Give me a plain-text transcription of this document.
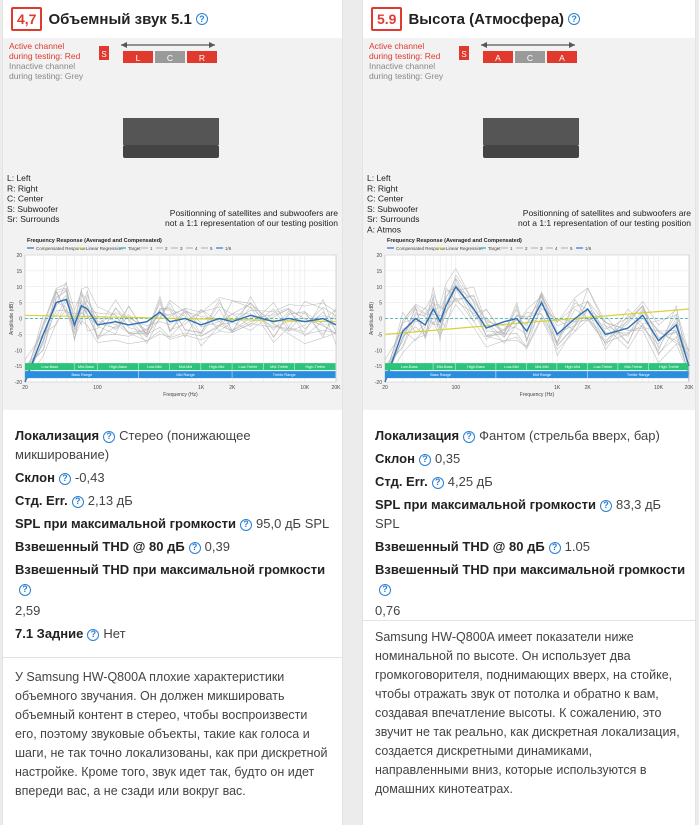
4,7 Объемный звук 5.1 ?
Active channel
during testing: Red
Innactive channel
during testing: Grey
S	L	C	R
L: Left
R: Right
C: Center
S: Subwoofer
Sr: Surrounds
Positionning of satellites and subwoofers are
not a 1:1 representation of our testing position
Frequency Response (Averaged and Compensated)
Compensated Response Linear Regression Target 1	2	3	4	5	1/6
20
15
10
5
0
-5
-10
-15
-20
20	100	1K	2K	10K	20K
Frequency (Hz)
Amplitude (dB)
Low-Bass	Mid-Bass	High-Bass	Low-Mid	Mid-Mid	High-Mid	Low-Treble	Mid-Treble	High-Treble
Bass Range	Mid Range	Treble Range
Локализация ? Стерео (понижающее микширование)
Склон ? -0,43
Стд. Err. ? 2,13 дБ
SPL при максимальной громкости ? 95,0 дБ SPL
Взвешенный THD @ 80 дБ ? 0,39
Взвешенный THD при максимальной громкости?
2,59
7.1 Задние ? Нет
У Samsung HW-Q800A плохие характеристики объемного звучания. Он должен микшировать объемный контент в стерео, чтобы воспроизвести его, поэтому звуковые объекты, такие как голоса и шаги, не так точно локализованы, как при дискретной настройке. Кроме того, звук идет так, будто он идет впереди вас, а не сзади или вокруг вас.
5.9 Высота (Атмосфера) ?
Active channel
during testing: Red
Innactive channel
during testing: Grey
S	A	C	A
L: Left
R: Right
C: Center
S: Subwoofer
Sr: Surrounds
A: Atmos
Positionning of satellites and subwoofers are
not a 1:1 representation of our testing position
Frequency Response (Averaged and Compensated)
Compensated Response Linear Regression Target 1	2	3	4	5	1/6
20
15
10
5
0
-5
-10
-15
-20
20	100	1K	2K	10K	20K
Frequency (Hz)
Amplitude (dB)
Low-Bass	Mid-Bass	High-Bass	Low-Mid	Mid-Mid	High-Mid	Low-Treble	Mid-Treble	High-Treble
Bass Range	Mid Range	Treble Range
Локализация ? Фантом (стрельба вверх, бар)
Склон ? 0,35
Стд. Err. ? 4,25 дБ
SPL при максимальной громкости ? 83,3 дБ SPL
Взвешенный THD @ 80 дБ ? 1.05
Взвешенный THD при максимальной громкости?
0,76
Samsung HW-Q800A имеет показатели ниже номинальной по высоте. Он использует два громкоговорителя, поднимающих вверх, на стойке, чтобы отражать звук от потолка и обратно к вам, создавая впечатление высоты. К сожалению, это звучит не так реально, как дискретная локализация, создается дискретными динамиками, направленными вниз, которые используются в домашних кинотеатрах.
